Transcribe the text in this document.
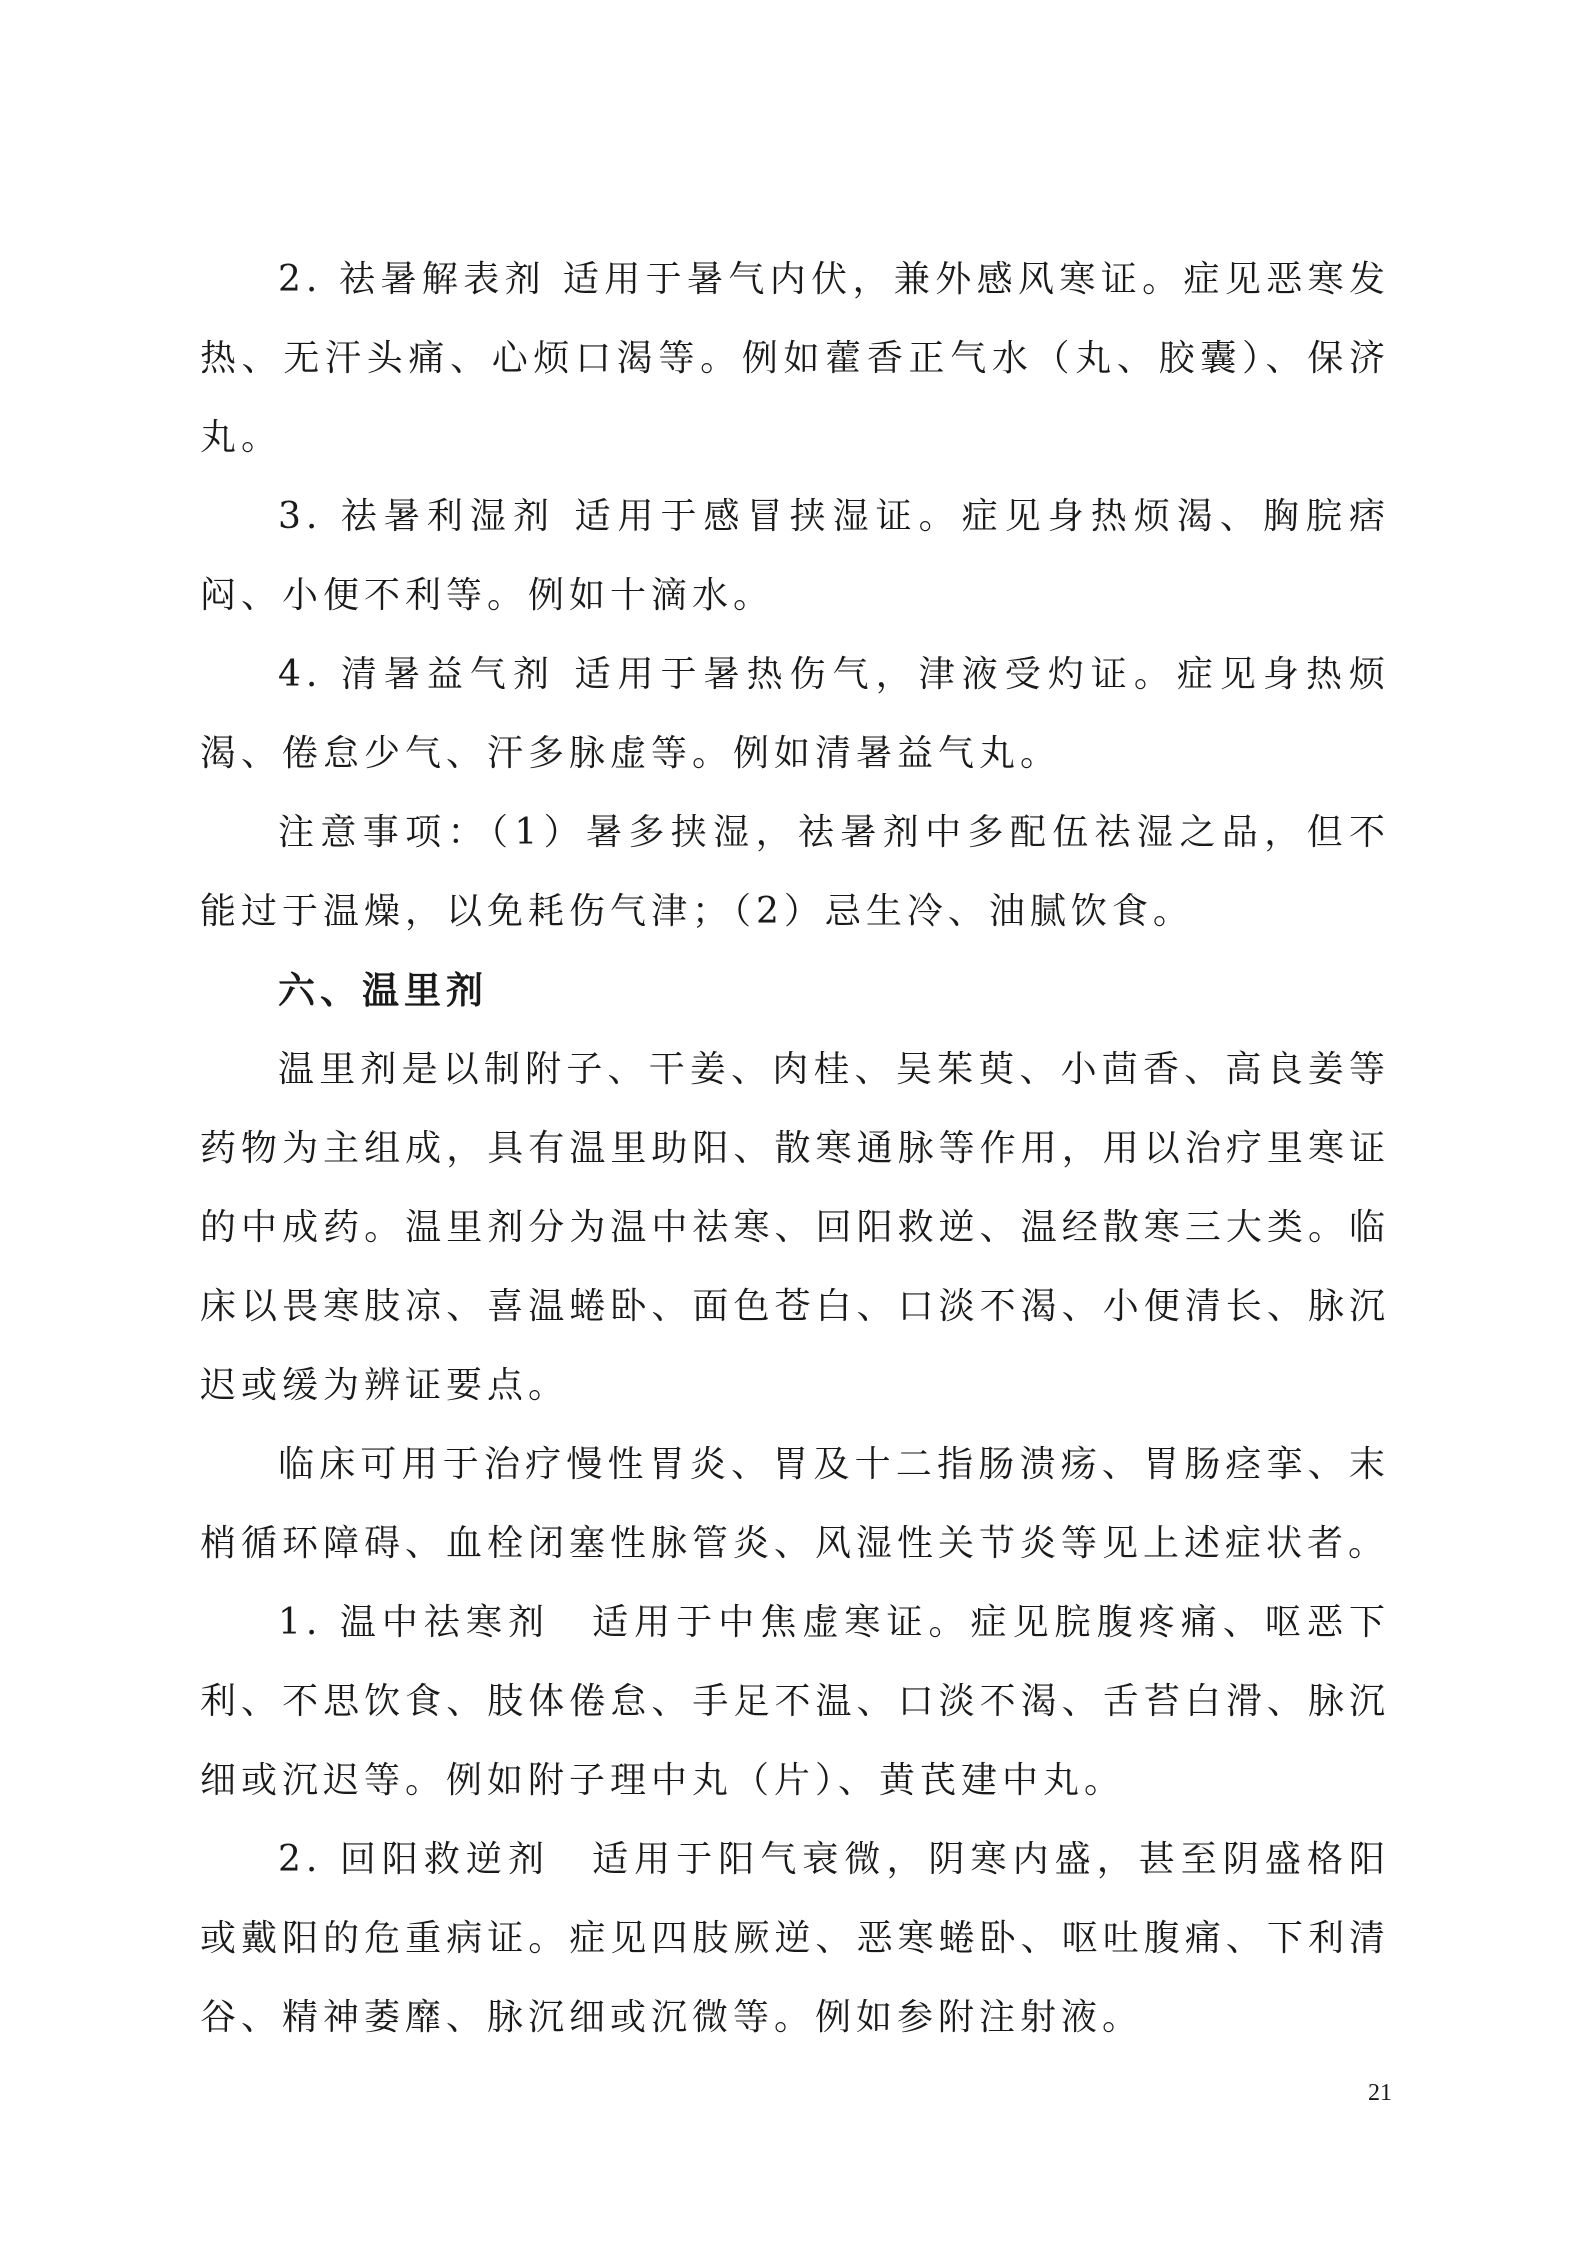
2. 祛暑解表剂 适用于暑气内伏，兼外感风寒证。症见恶寒发热、无汗头痛、心烦口渴等。例如藿香正气水（丸、胶囊）、保济丸。

3. 祛暑利湿剂 适用于感冒挟湿证。症见身热烦渴、胸脘痞闷、小便不利等。例如十滴水。

4. 清暑益气剂 适用于暑热伤气，津液受灼证。症见身热烦渴、倦怠少气、汗多脉虚等。例如清暑益气丸。

注意事项：（1）暑多挟湿，祛暑剂中多配伍祛湿之品，但不能过于温燥，以免耗伤气津；（2）忌生冷、油腻饮食。

六、温里剂

温里剂是以制附子、干姜、肉桂、吴茱萸、小茴香、高良姜等药物为主组成，具有温里助阳、散寒通脉等作用，用以治疗里寒证的中成药。温里剂分为温中祛寒、回阳救逆、温经散寒三大类。临床以畏寒肢凉、喜温蜷卧、面色苍白、口淡不渴、小便清长、脉沉迟或缓为辨证要点。

临床可用于治疗慢性胃炎、胃及十二指肠溃疡、胃肠痉挛、末梢循环障碍、血栓闭塞性脉管炎、风湿性关节炎等见上述症状者。

1. 温中祛寒剂　适用于中焦虚寒证。症见脘腹疼痛、呕恶下利、不思饮食、肢体倦怠、手足不温、口淡不渴、舌苔白滑、脉沉细或沉迟等。例如附子理中丸（片）、黄芪建中丸。

2. 回阳救逆剂　适用于阳气衰微，阴寒内盛，甚至阴盛格阳或戴阳的危重病证。症见四肢厥逆、恶寒蜷卧、呕吐腹痛、下利清谷、精神萎靡、脉沉细或沉微等。例如参附注射液。

21
